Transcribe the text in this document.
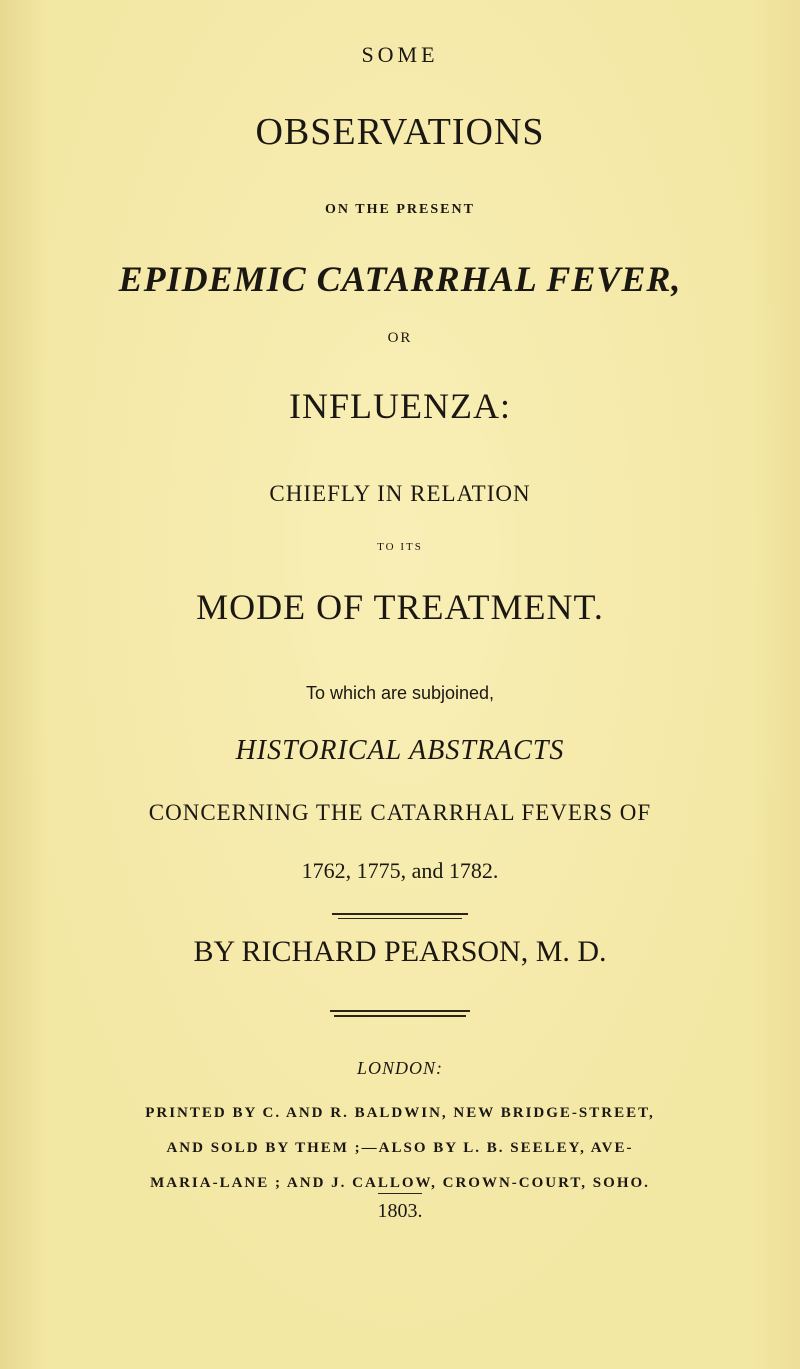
SOME
OBSERVATIONS
ON THE PRESENT
EPIDEMIC CATARRHAL FEVER,
OR
INFLUENZA:
CHIEFLY IN RELATION
TO ITS
MODE OF TREATMENT.
To which are subjoined,
HISTORICAL ABSTRACTS
CONCERNING THE CATARRHAL FEVERS OF
1762, 1775, and 1782.
BY RICHARD PEARSON, M. D.
LONDON:
PRINTED BY C. AND R. BALDWIN, NEW BRIDGE-STREET,
AND SOLD BY THEM ;—ALSO BY L. B. SEELEY, AVE-
MARIA-LANE ; AND J. CALLOW, CROWN-COURT, SOHO.
1803.
